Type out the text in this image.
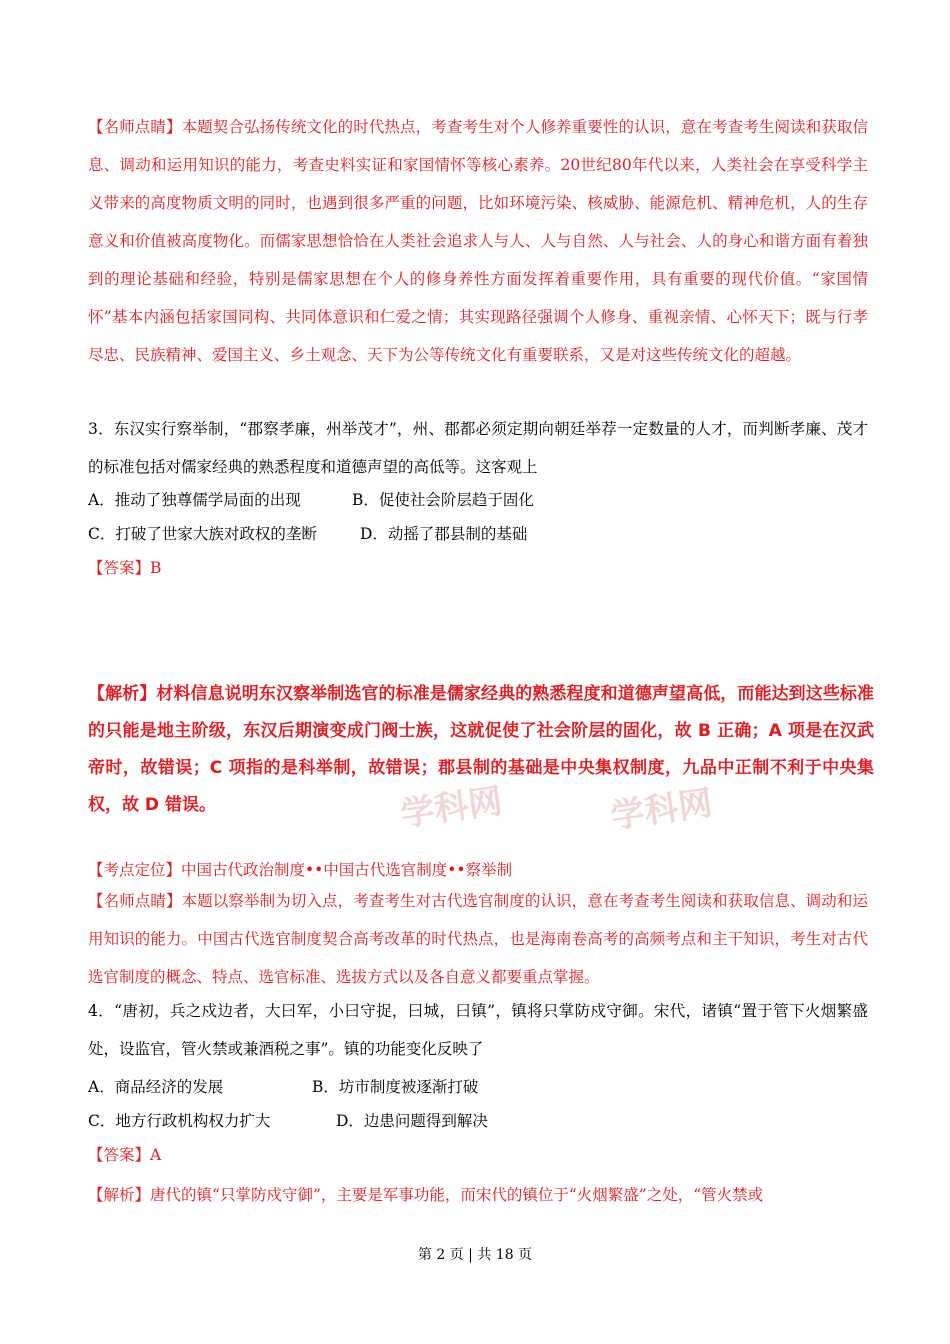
【名师点睛】本题契合弘扬传统文化的时代热点，考查考生对个人修养重要性的认识，意在考查考生阅读和获取信息、调动和运用知识的能力，考查史料实证和家国情怀等核心素养。20世纪80年代以来，人类社会在享受科学主义带来的高度物质文明的同时，也遇到很多严重的问题，比如环境污染、核威胁、能源危机、精神危机，人的生存意义和价值被高度物化。而儒家思想恰恰在人类社会追求人与人、人与自然、人与社会、人的身心和谐方面有着独到的理论基础和经验，特别是儒家思想在个人的修身养性方面发挥着重要作用，具有重要的现代价值。“家国情怀”基本内涵包括家国同构、共同体意识和仁爱之情；其实现路径强调个人修身、重视亲情、心怀天下；既与行孝尽忠、民族精神、爱国主义、乡土观念、天下为公等传统文化有重要联系，又是对这些传统文化的超越。

3．东汉实行察举制，“郡察孝廉，州举茂才”，州、郡都必须定期向朝廷举荐一定数量的人才，而判断孝廉、茂才的标准包括对儒家经典的熟悉程度和道德声望的高低等。这客观上

A．推动了独尊儒学局面的出现	B．促使社会阶层趋于固化
C．打破了世家大族对政权的垄断	D．动摇了郡县制的基础
【答案】B
学科网	学科网
【解析】材料信息说明东汉察举制选官的标准是儒家经典的熟悉程度和道德声望高低，而能达到这些标准的只能是地主阶级，东汉后期演变成门阀士族，这就促使了社会阶层的固化，故 B 正确；A 项是在汉武帝时，故错误；C 项指的是科举制，故错误；郡县制的基础是中央集权制度，九品中正制不利于中央集权，故 D 错误。
【考点定位】中国古代政治制度••中国古代选官制度••察举制

【名师点睛】本题以察举制为切入点，考查考生对古代选官制度的认识，意在考查考生阅读和获取信息、调动和运用知识的能力。中国古代选官制度契合高考改革的时代热点，也是海南卷高考的高频考点和主干知识，考生对古代选官制度的概念、特点、选官标准、选拔方式以及各自意义都要重点掌握。

4．“唐初，兵之戍边者，大曰军，小曰守捉，曰城，曰镇”，镇将只掌防戍守御。宋代，诸镇“置于管下火烟繁盛处，设监官，管火禁或兼酒税之事”。镇的功能变化反映了

A．商品经济的发展	B．坊市制度被逐渐打破
C．地方行政机构权力扩大	D．边患问题得到解决
【答案】A
【解析】唐代的镇“只掌防戍守御”，主要是军事功能，而宋代的镇位于“火烟繁盛”之处，“管火禁或
第 2 页 | 共 18 页
